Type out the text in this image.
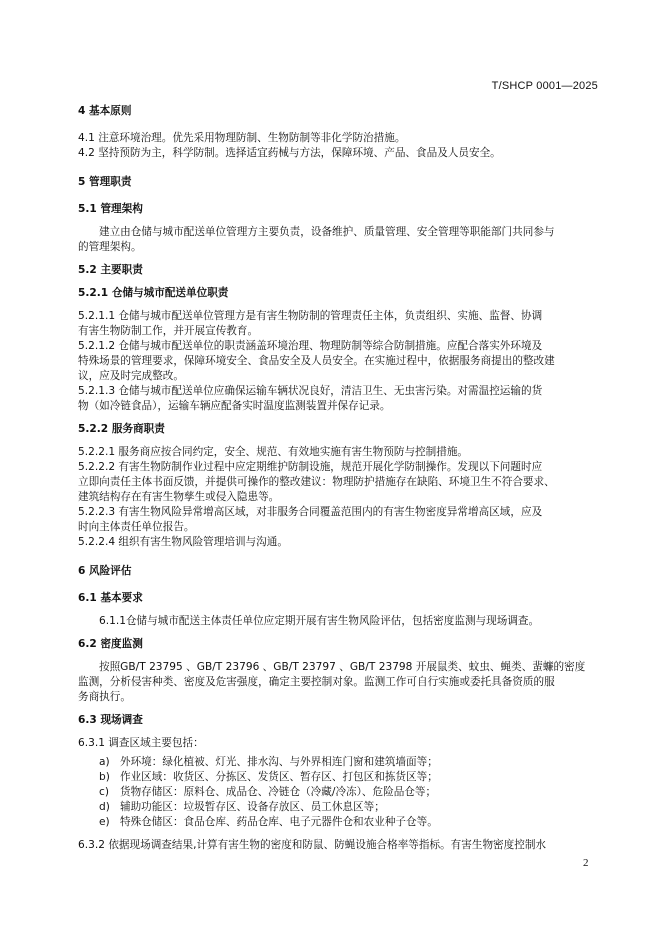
T/SHCP 0001—2025
4 基本原则
4.1 注意环境治理。优先采用物理防制、生物防制等非化学防治措施。
4.2 坚持预防为主，科学防制。选择适宜药械与方法，保障环境、产品、食品及人员安全。
5 管理职责
5.1 管理架构
建立由仓储与城市配送单位管理方主要负责，设备维护、质量管理、安全管理等职能部门共同参与
的管理架构。
5.2 主要职责
5.2.1 仓储与城市配送单位职责
5.2.1.1 仓储与城市配送单位管理方是有害生物防制的管理责任主体，负责组织、实施、监督、协调
有害生物防制工作，并开展宣传教育。
5.2.1.2 仓储与城市配送单位的职责涵盖环境治理、物理防制等综合防制措施。应配合落实外环境及
特殊场景的管理要求，保障环境安全、食品安全及人员安全。在实施过程中，依据服务商提出的整改建
议，应及时完成整改。
5.2.1.3 仓储与城市配送单位应确保运输车辆状况良好，清洁卫生、无虫害污染。对需温控运输的货
物（如冷链食品），运输车辆应配备实时温度监测装置并保存记录。
5.2.2 服务商职责
5.2.2.1 服务商应按合同约定，安全、规范、有效地实施有害生物预防与控制措施。
5.2.2.2 有害生物防制作业过程中应定期维护防制设施，规范开展化学防制操作。发现以下问题时应
立即向责任主体书面反馈，并提供可操作的整改建议：物理防护措施存在缺陷、环境卫生不符合要求、
建筑结构存在有害生物孳生或侵入隐患等。
5.2.2.3 有害生物风险异常增高区域，对非服务合同覆盖范围内的有害生物密度异常增高区域，应及
时向主体责任单位报告。
5.2.2.4 组织有害生物风险管理培训与沟通。
6 风险评估
6.1 基本要求
6.1.1仓储与城市配送主体责任单位应定期开展有害生物风险评估，包括密度监测与现场调查。
6.2 密度监测
按照GB/T 23795 、GB/T 23796 、GB/T 23797 、GB/T 23798 开展鼠类、蚊虫、蝇类、蜚蠊的密度
监测，分析侵害种类、密度及危害强度，确定主要控制对象。监测工作可自行实施或委托具备资质的服
务商执行。
6.3 现场调查
6.3.1 调查区域主要包括：
a) 外环境：绿化植被、灯光、排水沟、与外界相连门窗和建筑墙面等；
b) 作业区域：收货区、分拣区、发货区、暂存区、打包区和拣货区等；
c) 货物存储区：原料仓、成品仓、冷链仓（冷藏/冷冻）、危险品仓等；
d) 辅助功能区：垃圾暂存区、设备存放区、员工休息区等；
e) 特殊仓储区：食品仓库、药品仓库、电子元器件仓和农业种子仓等。
6.3.2 依据现场调查结果,计算有害生物的密度和防鼠、防蝇设施合格率等指标。有害生物密度控制水
2
